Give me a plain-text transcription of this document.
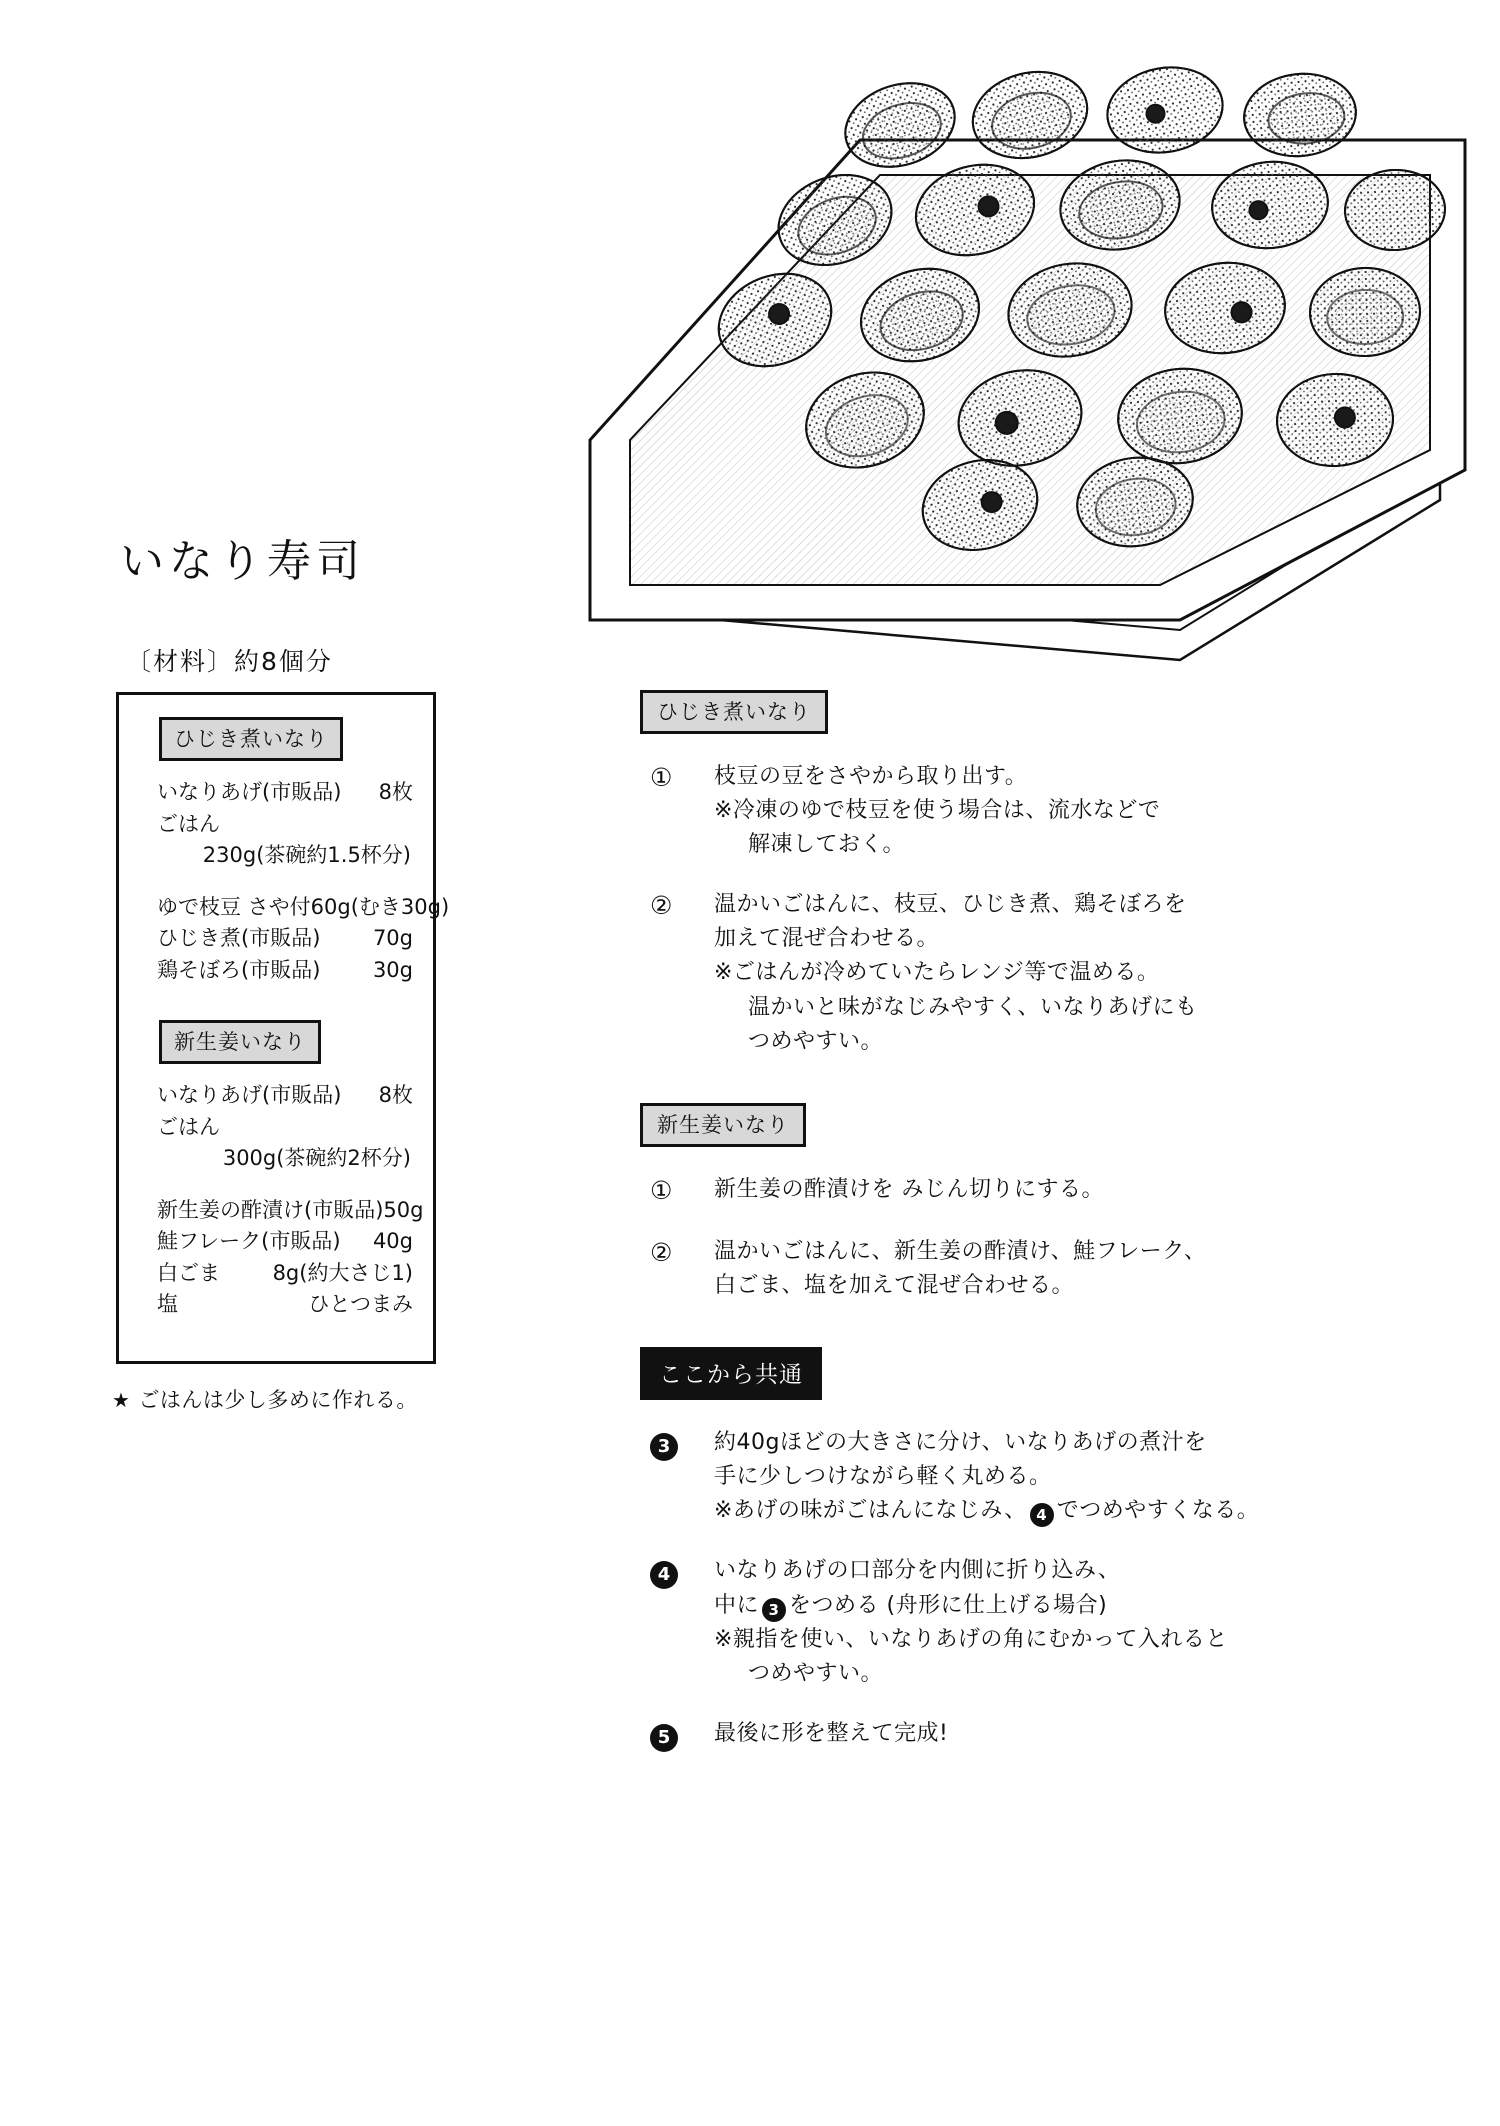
いなり寿司
〔材料〕約8個分
ひじき煮いなり
いなりあげ(市販品) 8枚
ごはん
230g(茶碗約1.5杯分)
ゆで枝豆 さや付60g(むき30g)
ひじき煮(市販品)	70g
鶏そぼろ(市販品)	30g
新生姜いなり
いなりあげ(市販品) 8枚
ごはん
300g(茶碗約2杯分)
新生姜の酢漬け(市販品)50g
鮭フレーク(市販品) 40g
白ごま	8g(約大さじ1)
塩	ひとつまみ
★ ごはんは少し多めに作れる。
ひじき煮いなり
①	枝豆の豆をさやから取り出す。
※冷凍のゆで枝豆を使う場合は、流水などで
解凍しておく。
②	温かいごはんに、枝豆、ひじき煮、鶏そぼろを
加えて混ぜ合わせる。
※ごはんが冷めていたらレンジ等で温める。
温かいと味がなじみやすく、いなりあげにも
つめやすい。
新生姜いなり
①	新生姜の酢漬けを みじん切りにする。
②	温かいごはんに、新生姜の酢漬け、鮭フレーク、
白ごま、塩を加えて混ぜ合わせる。
ここから共通
3	約40gほどの大きさに分け、いなりあげの煮汁を
手に少しつけながら軽く丸める。
※あげの味がごはんになじみ、 4 でつめやすくなる。
4	いなりあげの口部分を内側に折り込み、
中に 3 をつめる (舟形に仕上げる場合)
※親指を使い、いなりあげの角にむかって入れると
つめやすい。
5	最後に形を整えて完成!
